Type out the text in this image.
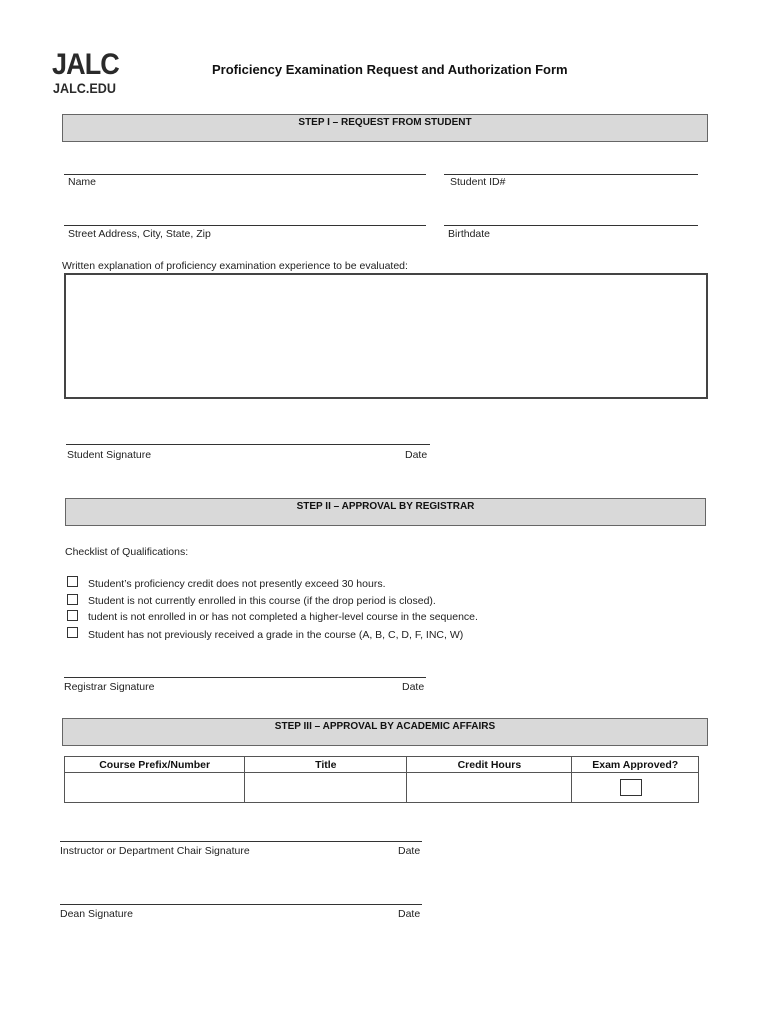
JALC
JALC.EDU
Proficiency Examination Request and Authorization Form
STEP I – REQUEST FROM STUDENT
Name	Student ID#
Street Address, City, State, Zip	Birthdate
Written explanation of proficiency examination experience to be evaluated:
Student Signature	Date
STEP II – APPROVAL BY REGISTRAR
Checklist of Qualifications:
Student’s proficiency credit does not presently exceed 30 hours.
Student is not currently enrolled in this course (if the drop period is closed).
tudent is not enrolled in or has not completed a higher-level course in the sequence.
Student has not previously received a grade in the course (A, B, C, D, F, INC, W)
Registrar Signature	Date
STEP III – APPROVAL BY ACADEMIC AFFAIRS
Course Prefix/Number	Title	Credit Hours	Exam Approved?

Instructor or Department Chair Signature	Date
Dean Signature	Date
